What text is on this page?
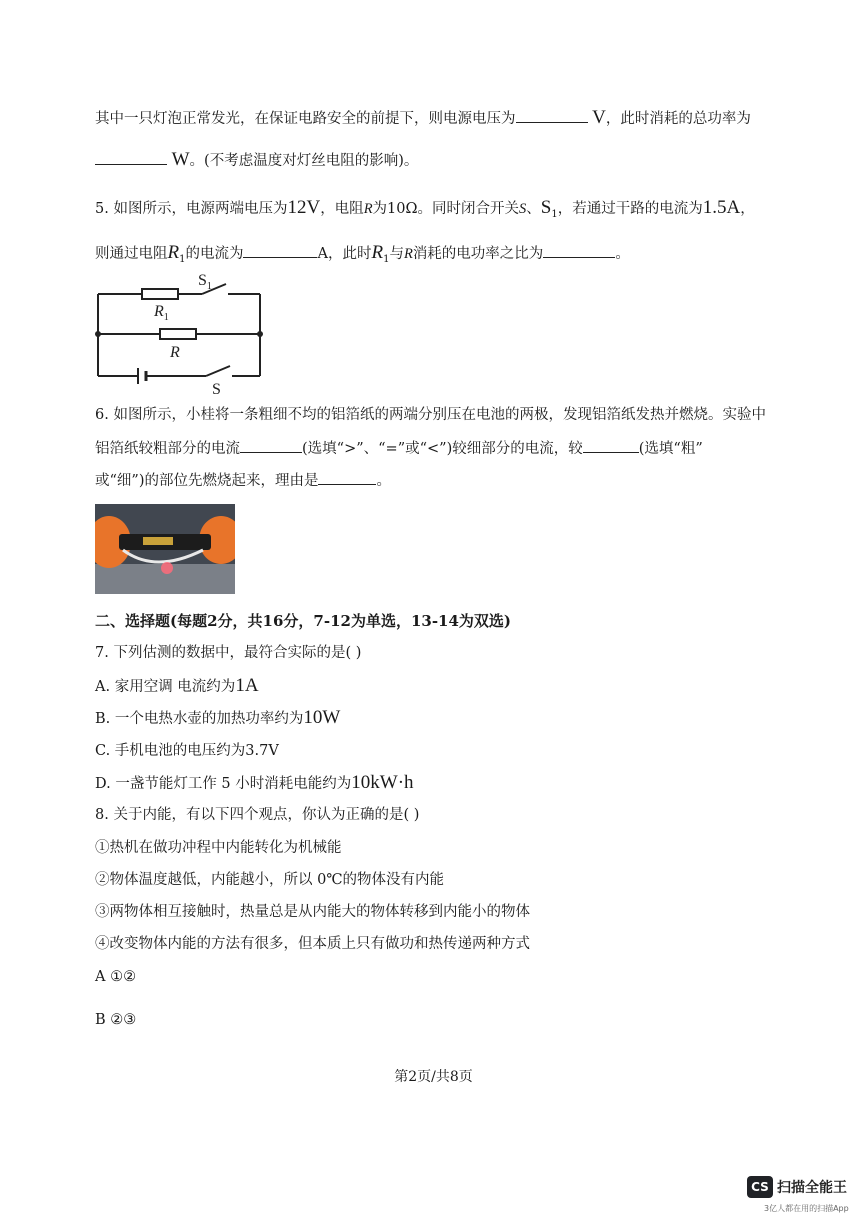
其中一只灯泡正常发光，在保证电路安全的前提下，则电源电压为	V，此时消耗的总功率为
W。(不考虑温度对灯丝电阻的影响)。
5. 如图所示，电源两端电压为12V，电阻R为10Ω。同时闭合开关S、$S_1$，若通过干路的电流为1.5A，
则通过电阻$R_1$的电流为	A，此时$R_1$与R消耗的电功率之比为	。
$S_1$
$R_1$
R
S
6. 如图所示，小桂将一条粗细不均的铝箔纸的两端分别压在电池的两极，发现铝箔纸发热并燃烧。实验中
铝箔纸较粗部分的电流	(选填“>”、“=”或“<”)较细部分的电流，较	(选填“粗”
或“细”)的部位先燃烧起来，理由是	。
二、选择题(每题2分，共16分，7-12为单选，13-14为双选)
7. 下列估测的数据中，最符合实际的是( )
A. 家用空调 电流约为1A
B. 一个电热水壶的加热功率约为10W
C. 手机电池的电压约为3.7V
D. 一盏节能灯工作 5 小时消耗电能约为10kW·h
8. 关于内能，有以下四个观点，你认为正确的是( )
①热机在做功冲程中内能转化为机械能
②物体温度越低，内能越小，所以 0℃的物体没有内能
③两物体相互接触时，热量总是从内能大的物体转移到内能小的物体
④改变物体内能的方法有很多，但本质上只有做功和热传递两种方式
A ①②
B ②③
第2页/共8页
CS 扫描全能王
3亿人都在用的扫描App
